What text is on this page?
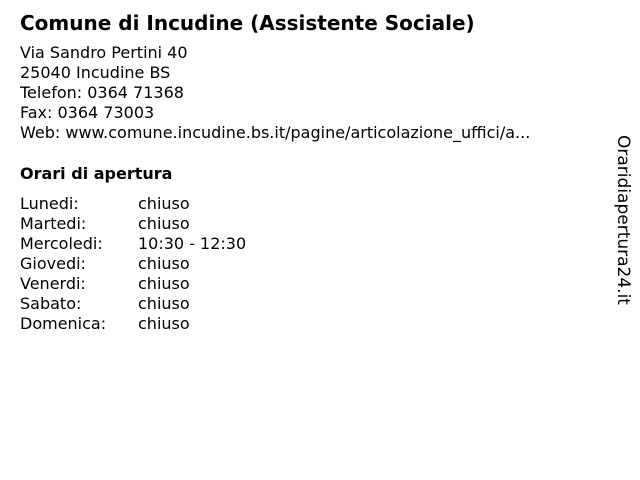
Comune di Incudine (Assistente Sociale)
Via Sandro Pertini 40
25040 Incudine BS
Telefon: 0364 71368
Fax: 0364 73003
Web: www.comune.incudine.bs.it/pagine/articolazione_uffici/a...
Orari di apertura
Lunedi:	chiuso
Martedi:	chiuso
Mercoledi:	10:30 - 12:30
Giovedi:	chiuso
Venerdi:	chiuso
Sabato:	chiuso
Domenica:	chiuso
Oraridiapertura24.it
